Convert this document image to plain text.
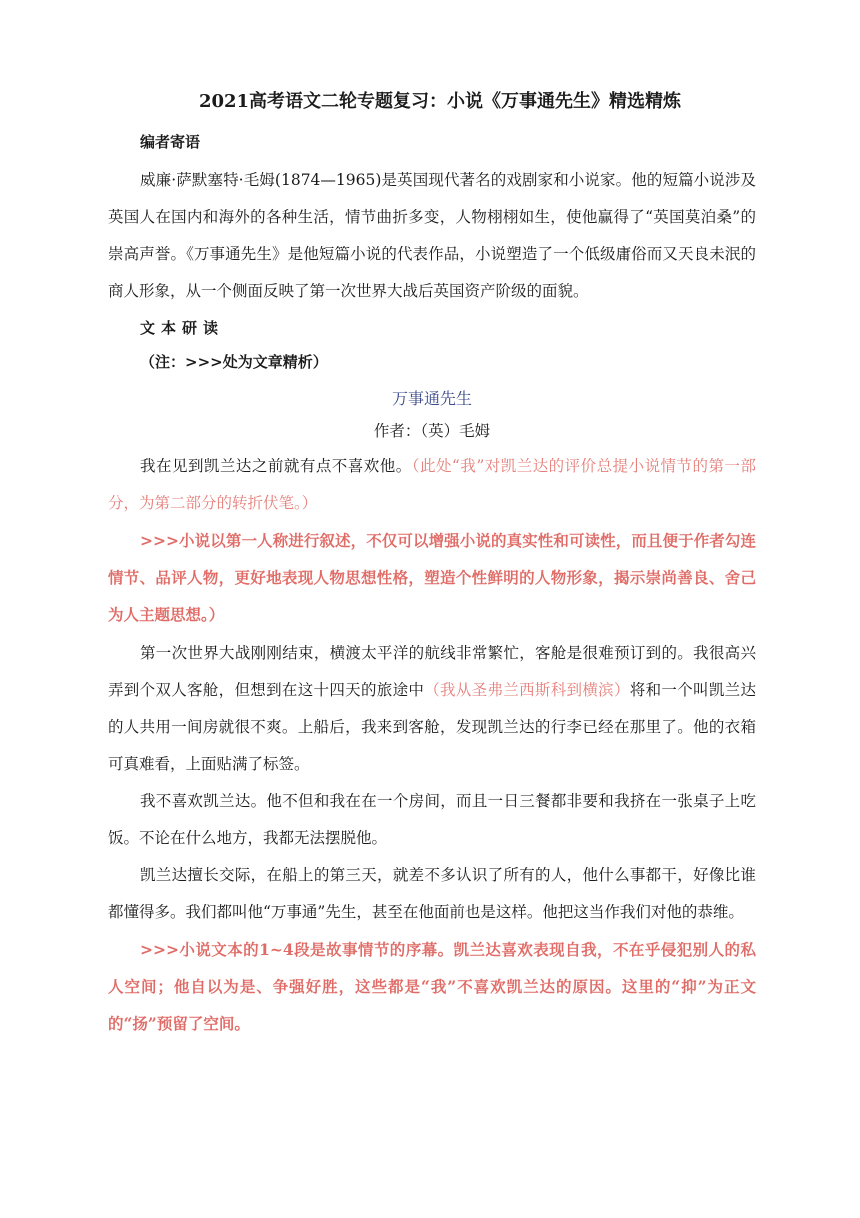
2021高考语文二轮专题复习：小说《万事通先生》精选精炼
编者寄语

威廉·萨默塞特·毛姆(1874—1965)是英国现代著名的戏剧家和小说家。他的短篇小说涉及英国人在国内和海外的各种生活，情节曲折多变，人物栩栩如生，使他赢得了“英国莫泊桑”的崇高声誉。《万事通先生》是他短篇小说的代表作品，小说塑造了一个低级庸俗而又天良未泯的商人形象，从一个侧面反映了第一次世界大战后英国资产阶级的面貌。

文本研读
（注：>>>处为文章精析）
万事通先生
作者：（英）毛姆

我在见到凯兰达之前就有点不喜欢他。（此处“我”对凯兰达的评价总提小说情节的第一部分，为第二部分的转折伏笔。）

>>>小说以第一人称进行叙述，不仅可以增强小说的真实性和可读性，而且便于作者勾连情节、品评人物，更好地表现人物思想性格，塑造个性鲜明的人物形象，揭示崇尚善良、舍己为人主题思想。）

第一次世界大战刚刚结束，横渡太平洋的航线非常繁忙，客舱是很难预订到的。我很高兴弄到个双人客舱，但想到在这十四天的旅途中（我从圣弗兰西斯科到横滨）将和一个叫凯兰达的人共用一间房就很不爽。上船后，我来到客舱，发现凯兰达的行李已经在那里了。他的衣箱可真难看，上面贴满了标签。

我不喜欢凯兰达。他不但和我在在一个房间，而且一日三餐都非要和我挤在一张桌子上吃饭。不论在什么地方，我都无法摆脱他。

凯兰达擅长交际，在船上的第三天，就差不多认识了所有的人，他什么事都干，好像比谁都懂得多。我们都叫他“万事通”先生，甚至在他面前也是这样。他把这当作我们对他的恭维。

>>>小说文本的1~4段是故事情节的序幕。凯兰达喜欢表现自我，不在乎侵犯别人的私人空间；他自以为是、争强好胜，这些都是“我”不喜欢凯兰达的原因。这里的“抑”为正文的“扬”预留了空间。
